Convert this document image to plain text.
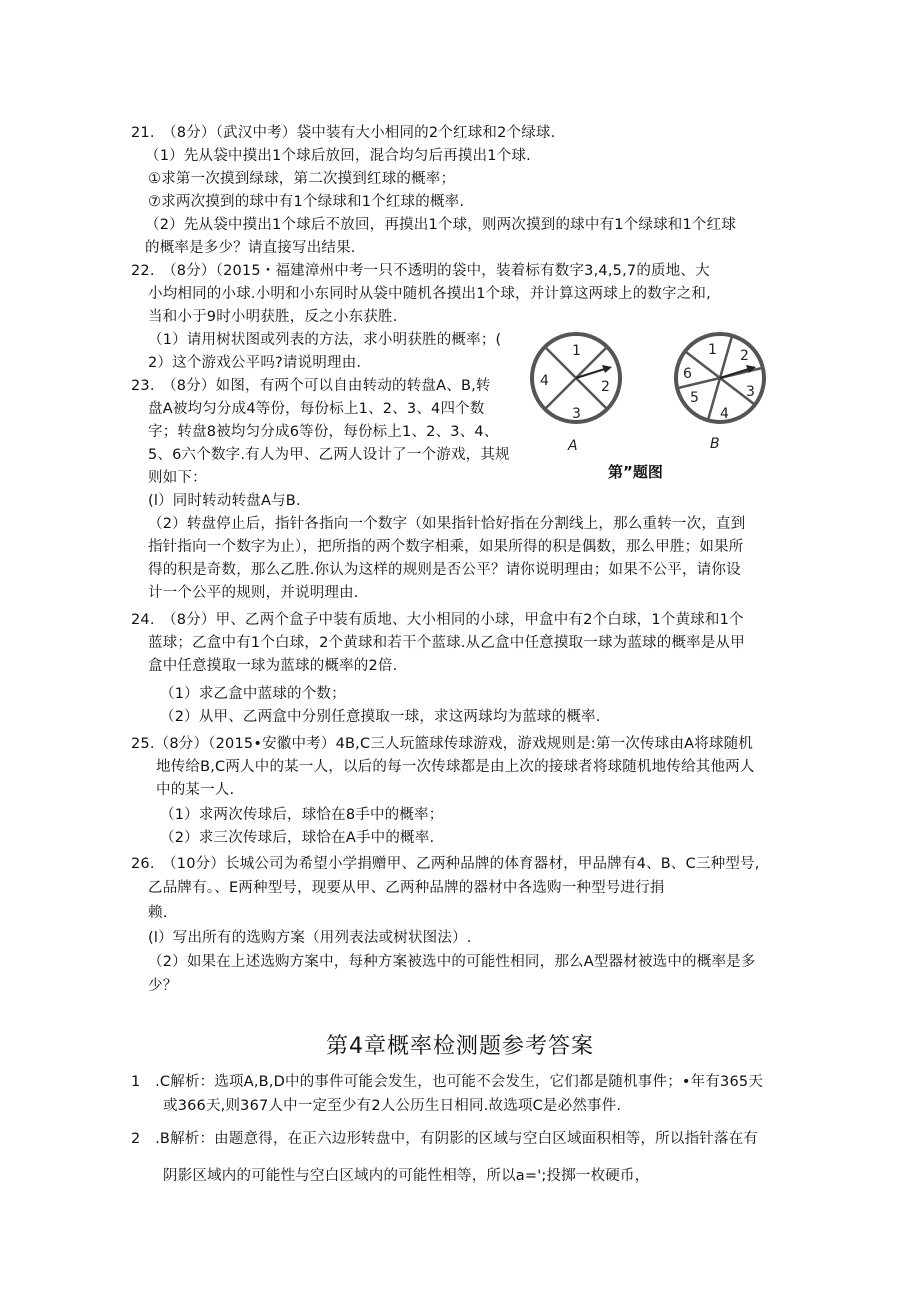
21.　（8分）（武汉中考）袋中装有大小相同的2个红球和2个绿球.
（1）先从袋中摸出1个球后放回，混合均匀后再摸出1个球.
①求第一次摸到绿球，第二次摸到红球的概率；
⑦求两次摸到的球中有1个绿球和1个红球的概率.
（2）先从袋中摸出1个球后不放回，再摸出1个球，则两次摸到的球中有1个绿球和1个红球
的概率是多少？请直接写出结果.
22.　（8分）（2015・福建漳州中考一只不透明的袋中，装着标有数字3,4,5,7的质地、大
小均相同的小球.小明和小东同时从袋中随机各摸出1个球，并计算这两球上的数字之和,
当和小于9时小明获胜，反之小东获胜.
（1）请用树状图或列表的方法，求小明获胜的概率；(
2）这个游戏公平吗?请说明理由.
23.　（8分）如图，有两个可以自由转动的转盘A、B,转
盘A被均匀分成4等份，每份标上1、2、3、4四个数
字；转盘8被均匀分成6等份，每份标上1、2、3、4、
5、6六个数字.有人为甲、乙两人设计了一个游戏，其规
则如下：
(l）同时转动转盘A与B.
（2）转盘停止后，指针各指向一个数字（如果指针恰好指在分割线上，那么重转一次，直到
指针指向一个数字为止），把所指的两个数字相乘，如果所得的积是偶数，那么甲胜；如果所
得的积是奇数，那么乙胜.你认为这样的规则是否公平？请你说明理由；如果不公平，请你设
计一个公平的规则，并说明理由.
24.　（8分）甲、乙两个盒子中装有质地、大小相同的小球，甲盒中有2个白球，1个黄球和1个
蓝球；乙盒中有1个白球，2个黄球和若干个蓝球.从乙盒中任意摸取一球为蓝球的概率是从甲
盒中任意摸取一球为蓝球的概率的2倍.
（1）求乙盒中蓝球的个数；
（2）从甲、乙两盒中分别任意摸取一球，求这两球均为蓝球的概率.
25.（8分）（2015•安徽中考）4B,C三人玩篮球传球游戏，游戏规则是:第一次传球由A将球随机
地传给B,C两人中的某一人，以后的每一次传球都是由上次的接球者将球随机地传给其他两人
中的某一人.
（1）求两次传球后，球恰在8手中的概率；
（2）求三次传球后，球恰在A手中的概率.
26.　（10分）长城公司为希望小学捐赠甲、乙两种品牌的体育器材，甲品牌有4、B、C三种型号,
乙品牌有。、E两种型号，现要从甲、乙两种品牌的器材中各选购一种型号进行捐
赖.
(l）写出所有的选购方案（用列表法或树状图法）.
（2）如果在上述选购方案中，每种方案被选中的可能性相同，那么A型器材被选中的概率是多
少？
第4章概率检测题参考答案
1　.C解析：选项A,B,D中的事件可能会发生，也可能不会发生，它们都是随机事件；•年有365天
或366天,则367人中一定至少有2人公历生日相同.故选项C是必然事件.
2　.B解析：由题意得，在正六边形转盘中，有阴影的区域与空白区域面积相等，所以指针落在有
阴影区域内的可能性与空白区域内的可能性相等，所以a=';投掷一枚硬币，
1
2
3
4
A
1 2
3
4
5
6
B
第”题图
